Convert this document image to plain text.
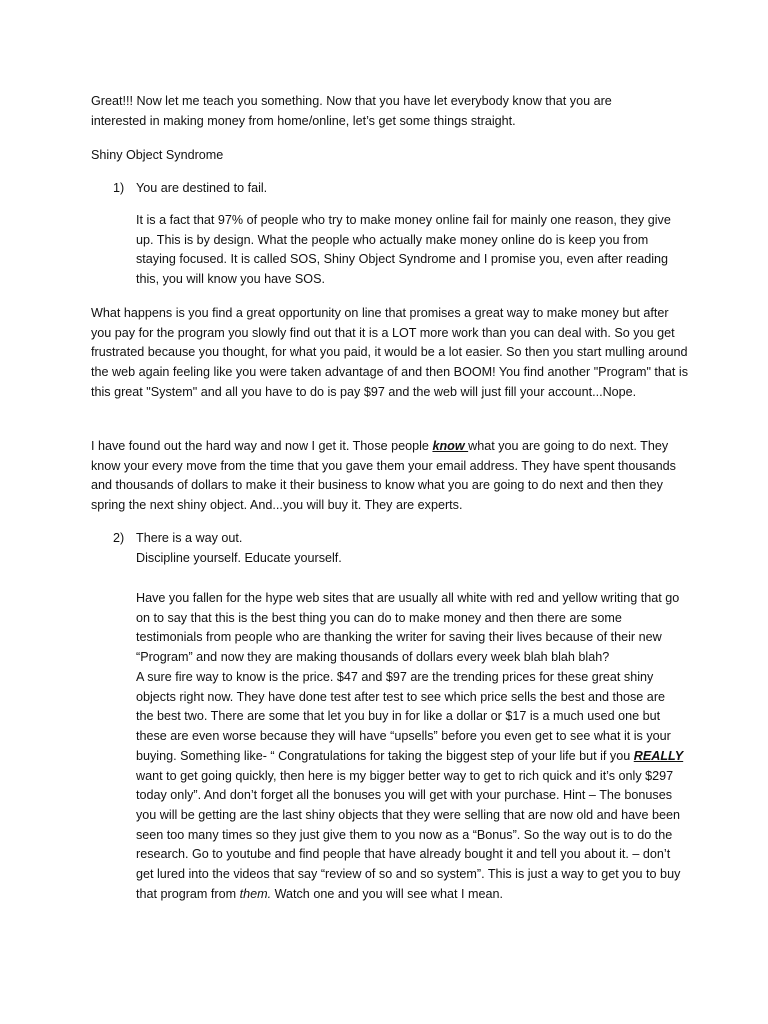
Great!!! Now let me teach you something. Now that you have let everybody know that you are
interested in making money from home/online, let’s get some things straight.

Shiny Object Syndrome

1) You are destined to fail.

It is a fact that 97% of people who try to make money online fail for mainly one reason, they give up. This is by design. What the people who actually make money online do is keep you from staying focused. It is called SOS, Shiny Object Syndrome and I promise you, even after reading this, you will know you have SOS.

What happens is you find a great opportunity on line that promises a great way to make money but after you pay for the program you slowly find out that it is a LOT more work than you can deal with. So you get frustrated because you thought, for what you paid, it would be a lot easier. So then you start mulling around the web again feeling like you were taken advantage of and then BOOM! You find another "Program" that is this great "System" and all you have to do is pay $97 and the web will just fill your account...Nope.

I have found out the hard way and now I get it. Those people know what you are going to do next. They know your every move from the time that you gave them your email address. They have spent thousands and thousands of dollars to make it their business to know what you are going to do next and then they spring the next shiny object. And...you will buy it. They are experts.

2) There is a way out.
Discipline yourself. Educate yourself.

Have you fallen for the hype web sites that are usually all white with red and yellow writing that go on to say that this is the best thing you can do to make money and then there are some testimonials from people who are thanking the writer for saving their lives because of their new “Program” and now they are making thousands of dollars every week blah blah blah?

A sure fire way to know is the price. $47 and $97 are the trending prices for these great shiny objects right now. They have done test after test to see which price sells the best and those are the best two. There are some that let you buy in for like a dollar or $17 is a much used one but these are even worse because they will have “upsells” before you even get to see what it is your buying. Something like- “ Congratulations for taking the biggest step of your life but if you REALLY want to get going quickly, then here is my bigger better way to get to rich quick and it’s only $297 today only”. And don’t forget all the bonuses you will get with your purchase. Hint – The bonuses you will be getting are the last shiny objects that they were selling that are now old and have been seen too many times so they just give them to you now as a “Bonus”. So the way out is to do the research. Go to youtube and find people that have already bought it and tell you about it. – don’t get lured into the videos that say “review of so and so system”. This is just a way to get you to buy that program from them. Watch one and you will see what I mean.
